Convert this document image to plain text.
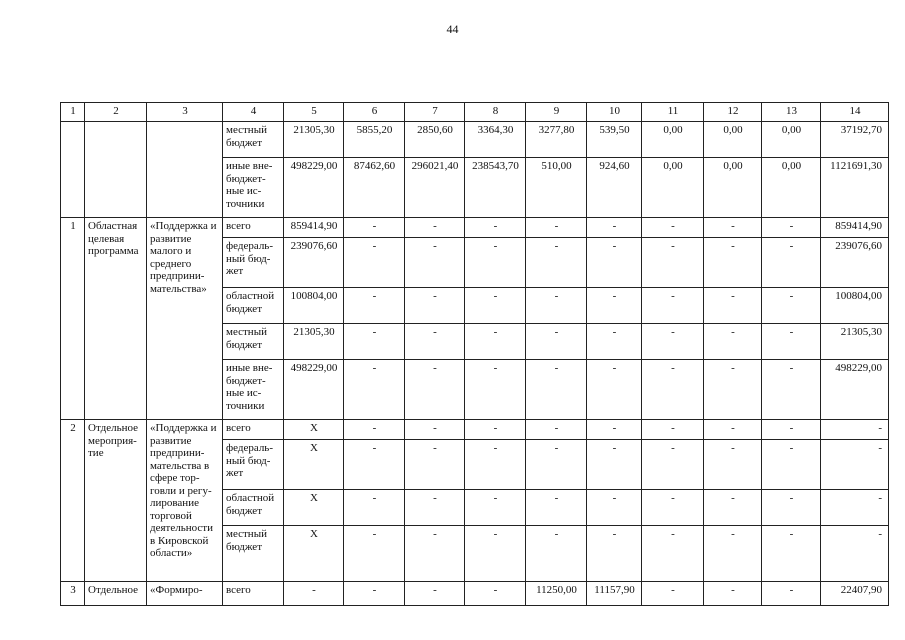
44
1	2	3	4	5	6	7	8	9	10	11	12	13	14
			местный бюджет	21305,30	5855,20	2850,60	3364,30	3277,80	539,50	0,00	0,00	0,00	37192,70
			иные вне-бюджет-ные ис-точники	498229,00	87462,60	296021,40	238543,70	510,00	924,60	0,00	0,00	0,00	1121691,30
1	Областная целевая программа	«Поддержка и развитие малого и среднего предприни-мательства»	всего	859414,90	-	-	-	-	-	-	-	-	859414,90
			федераль-ный бюд-жет	239076,60	-	-	-	-	-	-	-	-	239076,60
			областной бюджет	100804,00	-	-	-	-	-	-	-	-	100804,00
			местный бюджет	21305,30	-	-	-	-	-	-	-	-	21305,30
			иные вне-бюджет-ные ис-точники	498229,00	-	-	-	-	-	-	-	-	498229,00
2	Отдельное мероприя-тие	«Поддержка и развитие предприни-мательства в сфере тор-говли и регу-лирование торговой деятельности в Кировской области»	всего	X	-	-	-	-	-	-	-	-	-
			федераль-ный бюд-жет	X	-	-	-	-	-	-	-	-	-
			областной бюджет	X	-	-	-	-	-	-	-	-	-
			местный бюджет	X	-	-	-	-	-	-	-	-	-
3	Отдельное	«Формиро-	всего	-	-	-	-	11250,00	11157,90	-	-	-	22407,90
